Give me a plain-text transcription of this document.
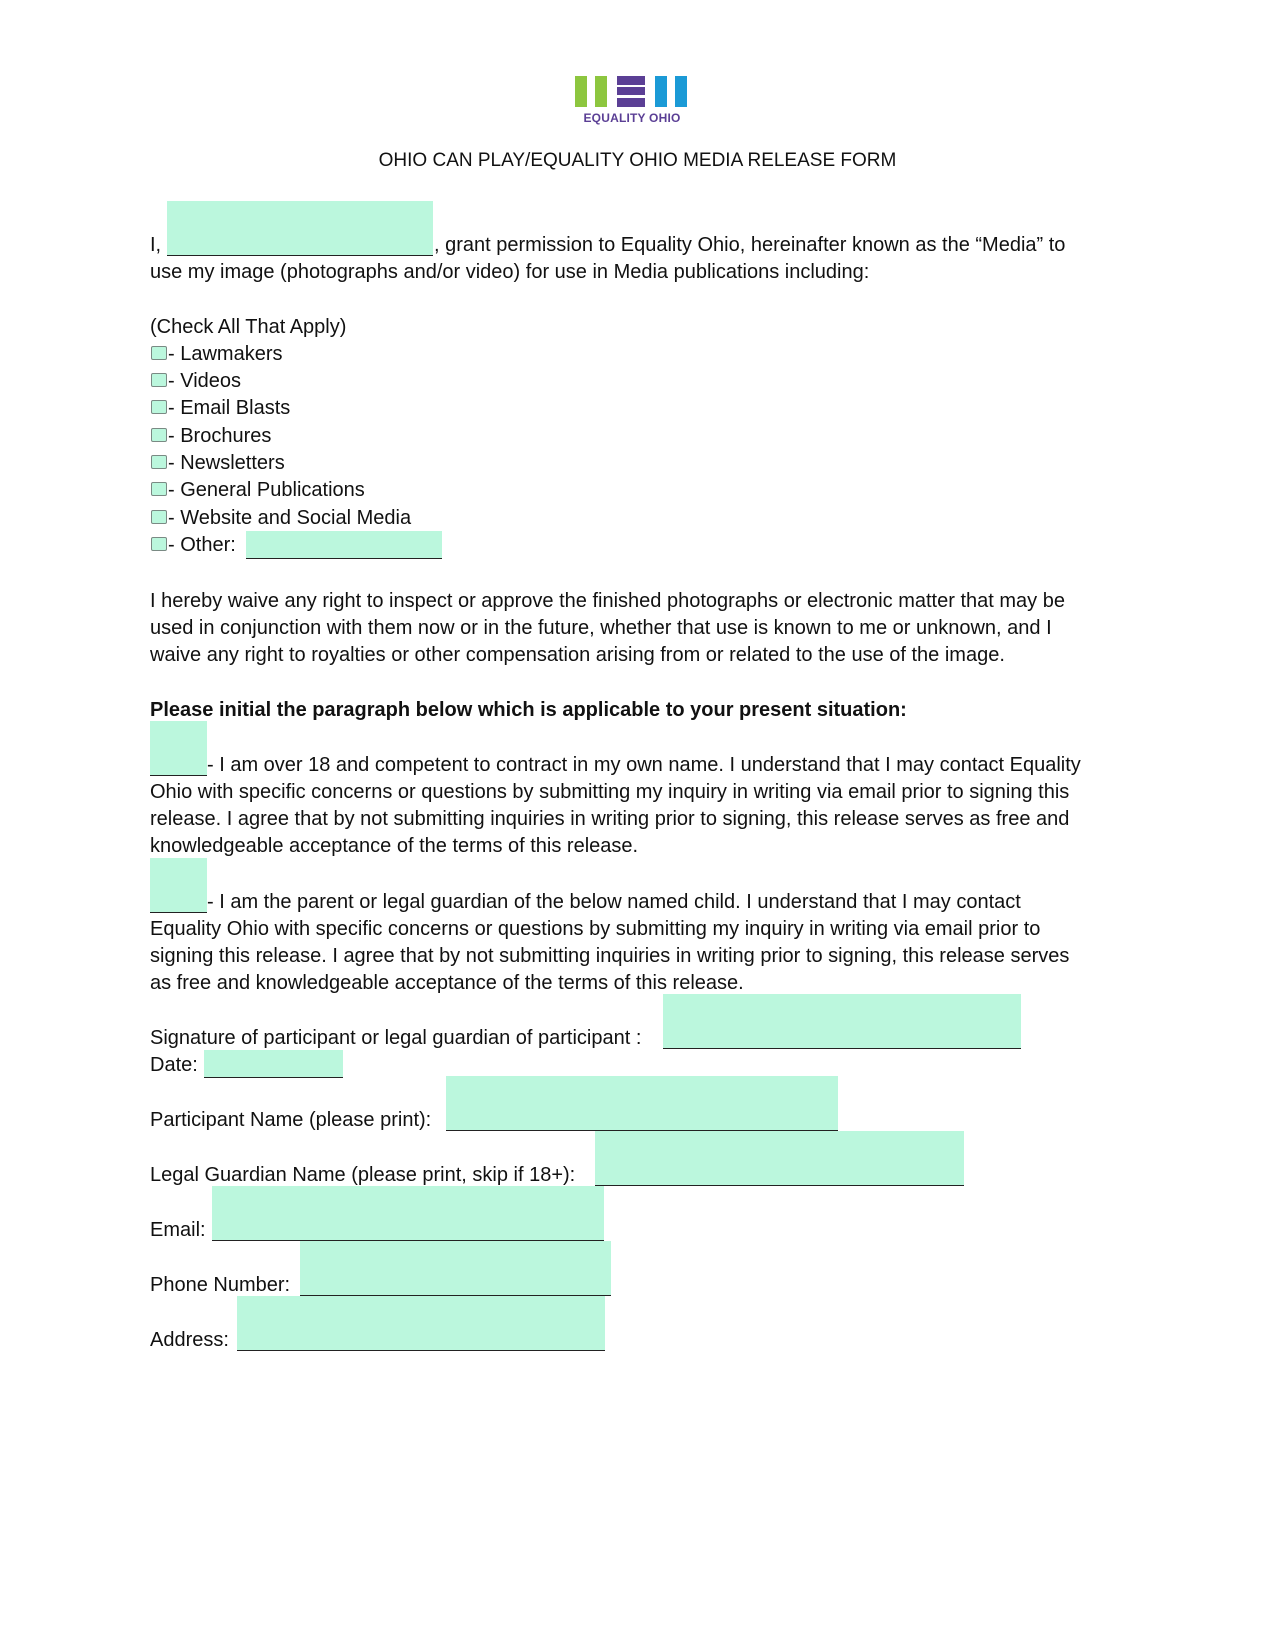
EQUALITY OHIO
OHIO CAN PLAY/EQUALITY OHIO MEDIA RELEASE FORM
I,	, grant permission to Equality Ohio, hereinafter known as the “Media” to
use my image (photographs and/or video) for use in Media publications including:
(Check All That Apply)
- Lawmakers
- Videos
- Email Blasts
- Brochures
- Newsletters
- General Publications
- Website and Social Media
- Other:
I hereby waive any right to inspect or approve the finished photographs or electronic matter that may be
used in conjunction with them now or in the future, whether that use is known to me or unknown, and I
waive any right to royalties or other compensation arising from or related to the use of the image.
Please initial the paragraph below which is applicable to your present situation:
- I am over 18 and competent to contract in my own name. I understand that I may contact Equality
Ohio with specific concerns or questions by submitting my inquiry in writing via email prior to signing this
release. I agree that by not submitting inquiries in writing prior to signing, this release serves as free and
knowledgeable acceptance of the terms of this release.
- I am the parent or legal guardian of the below named child. I understand that I may contact
Equality Ohio with specific concerns or questions by submitting my inquiry in writing via email prior to
signing this release. I agree that by not submitting inquiries in writing prior to signing, this release serves
as free and knowledgeable acceptance of the terms of this release.
Signature of participant or legal guardian of participant :
Date:
Participant Name (please print):
Legal Guardian Name (please print, skip if 18+):
Email:
Phone Number:
Address:
